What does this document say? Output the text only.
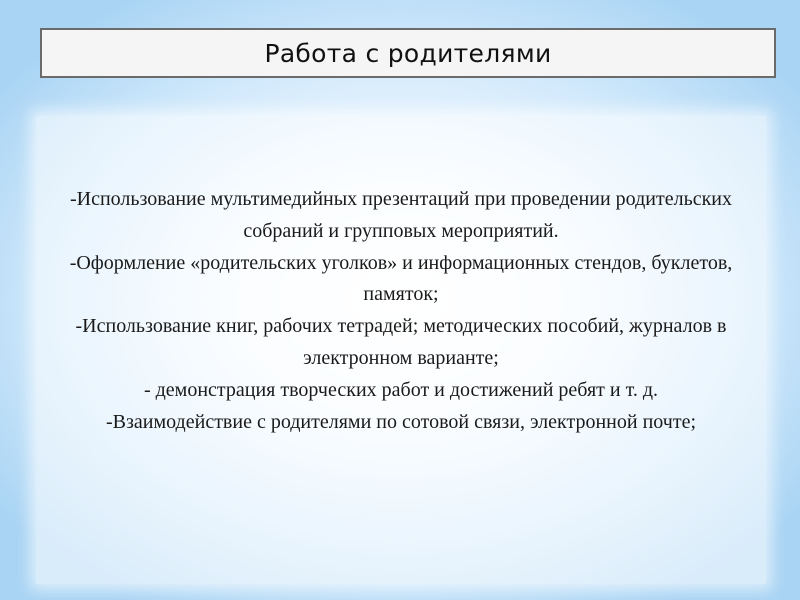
Работа с родителями

-Использование мультимедийных презентаций при проведении родительских собраний и групповых мероприятий.

-Оформление «родительских уголков» и информационных стендов, буклетов, памяток;

-Использование книг, рабочих тетрадей; методических пособий, журналов в электронном варианте;

- демонстрация творческих работ и достижений ребят и т. д.

-Взаимодействие с родителями по сотовой связи, электронной почте;
